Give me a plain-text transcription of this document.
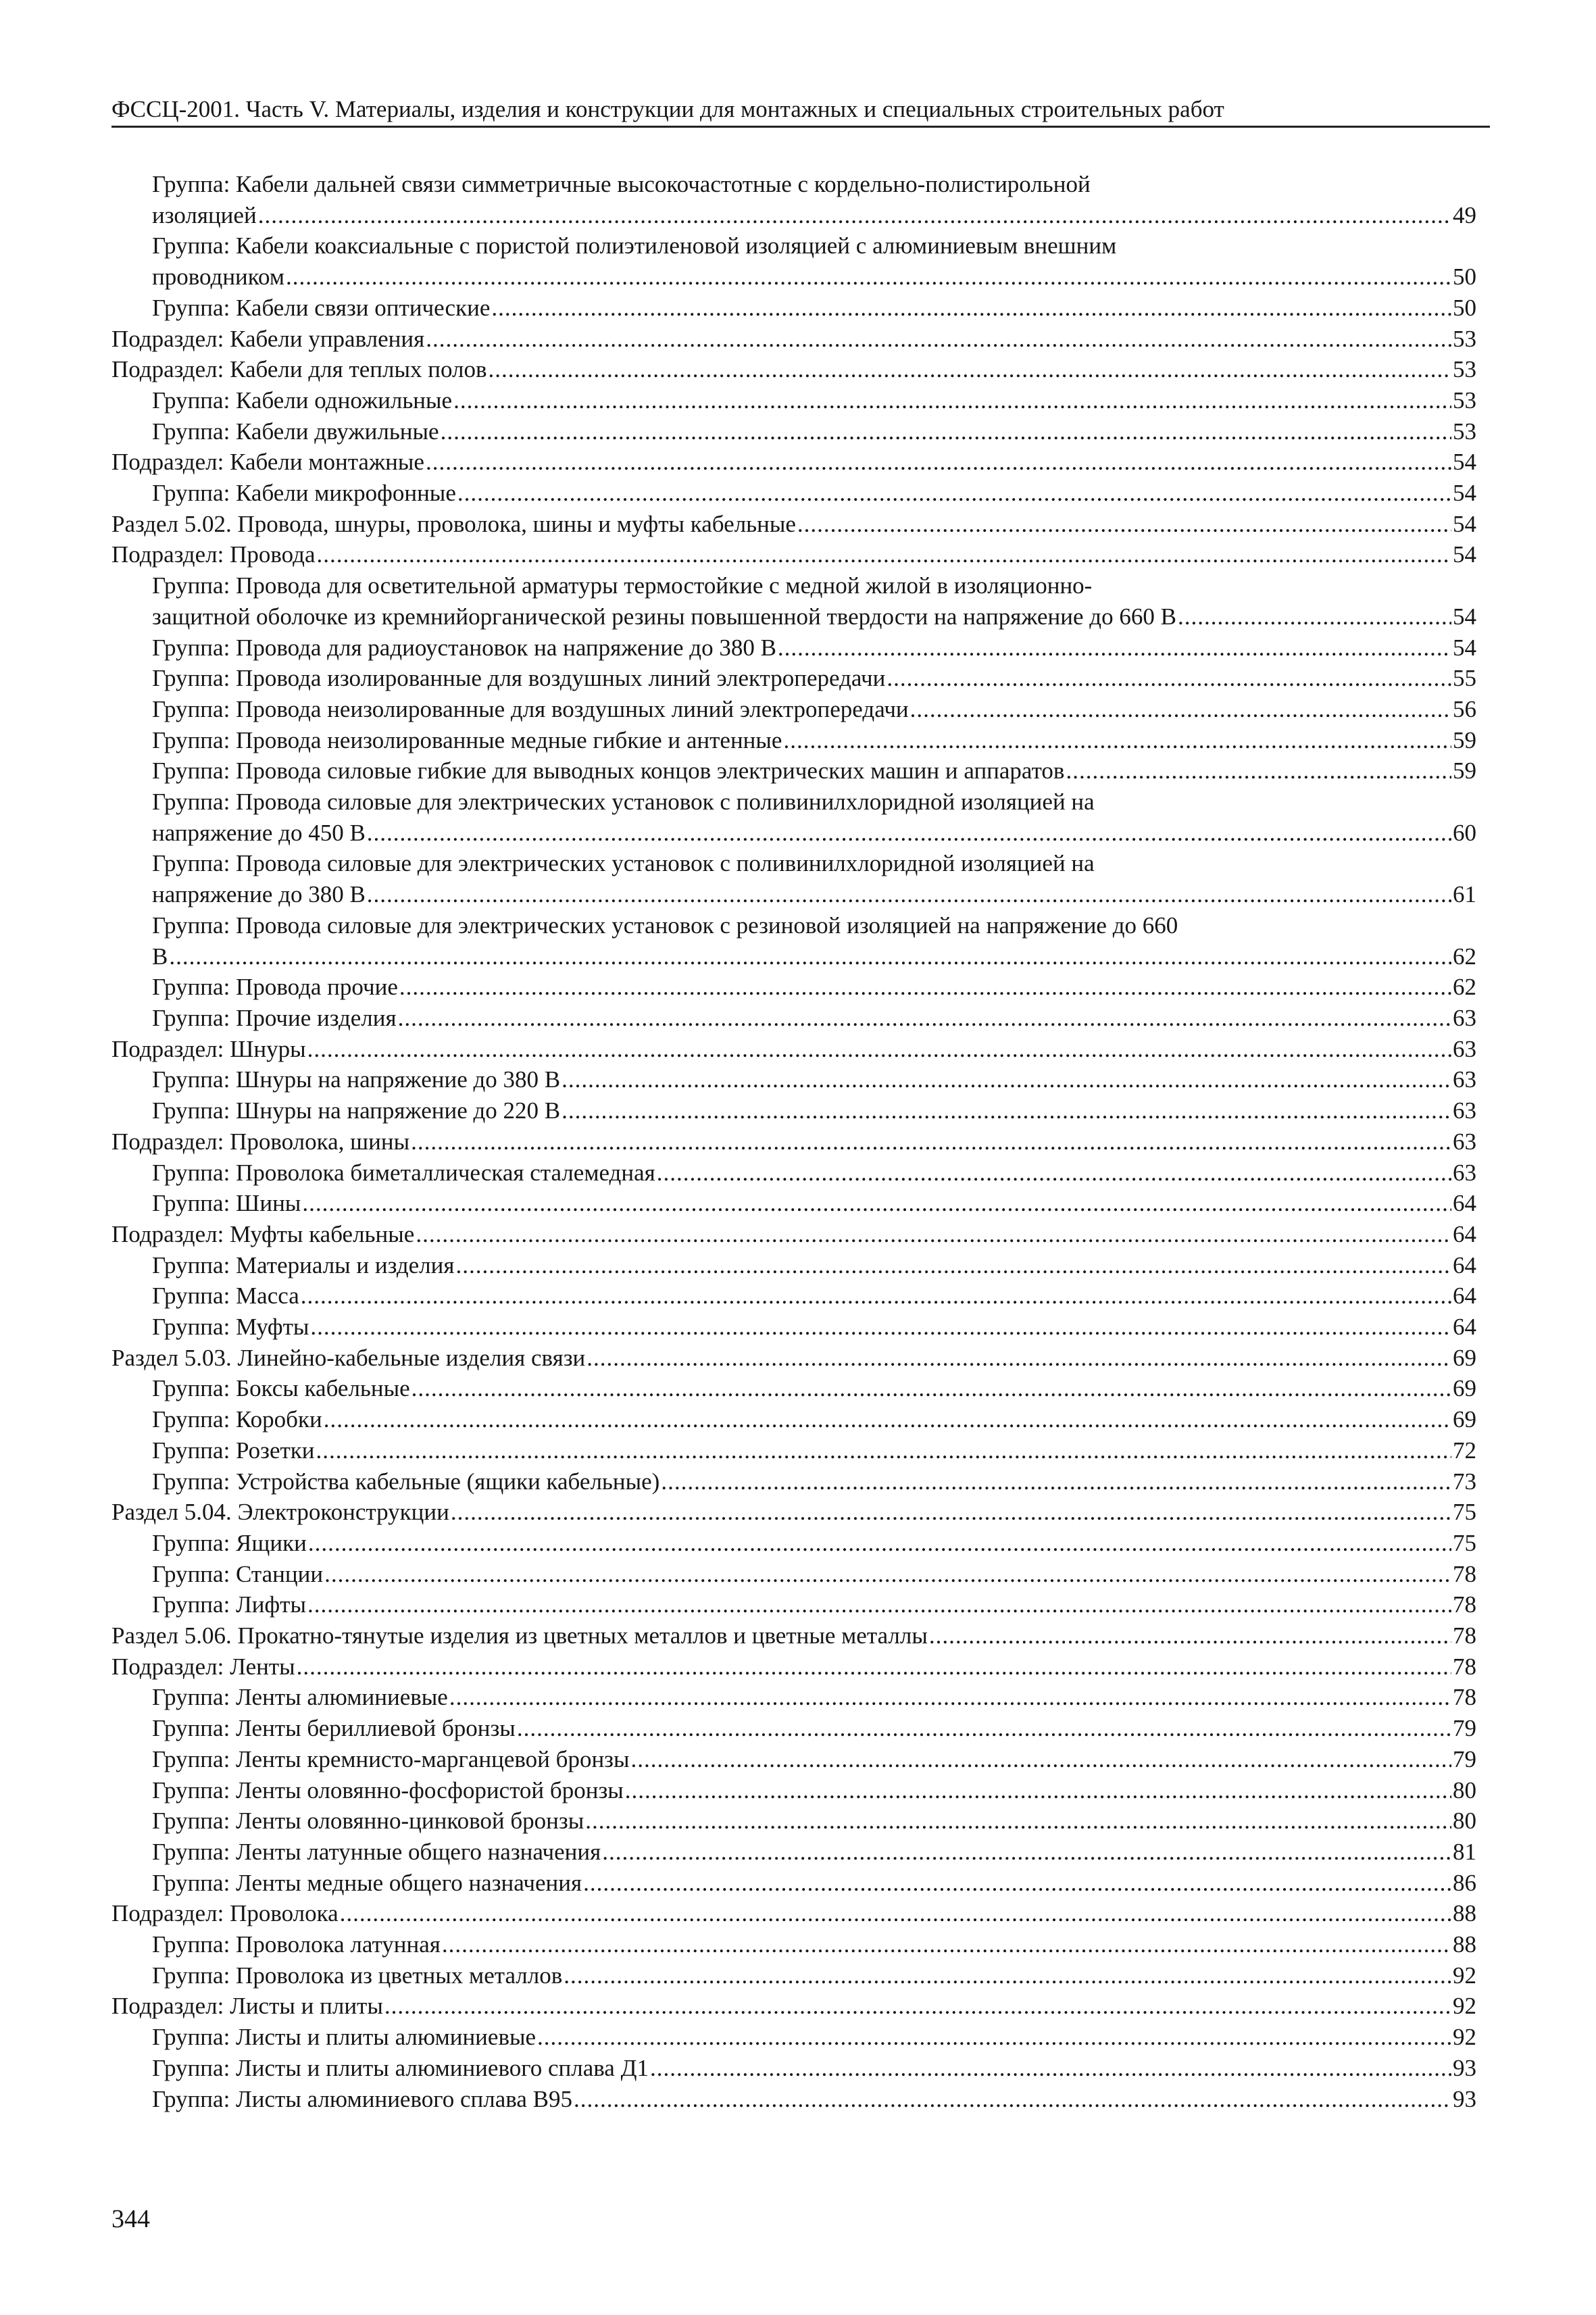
ФССЦ-2001. Часть V. Материалы, изделия и конструкции для монтажных и специальных строительных работ
Группа: Кабели дальней связи симметричные высокочастотные с кордельно-полистирольной
изоляцией .....	49
Группа: Кабели коаксиальные с пористой полиэтиленовой изоляцией с алюминиевым внешним
проводником .....	50
Группа: Кабели связи оптические .....	50
Подраздел: Кабели управления .....	53
Подраздел: Кабели для теплых полов .....	53
Группа: Кабели одножильные .....	53
Группа: Кабели двужильные .....	53
Подраздел: Кабели монтажные .....	54
Группа: Кабели микрофонные .....	54
Раздел 5.02. Провода, шнуры, проволока, шины и муфты кабельные .....	54
Подраздел: Провода .....	54
Группа: Провода для осветительной арматуры термостойкие с медной жилой в изоляционно-
защитной оболочке из кремнийорганической резины повышенной твердости на напряжение до 660 В .....	54
Группа: Провода для радиоустановок на напряжение до 380 В .....	54
Группа: Провода изолированные для воздушных линий электропередачи .....	55
Группа: Провода неизолированные для воздушных линий электропередачи .....	56
Группа: Провода неизолированные медные гибкие и антенные .....	59
Группа: Провода силовые гибкие для выводных концов электрических машин и аппаратов .....	59
Группа: Провода силовые для электрических установок с поливинилхлоридной изоляцией на
напряжение до 450 В .....	60
Группа: Провода силовые для электрических установок с поливинилхлоридной изоляцией на
напряжение до 380 В .....	61
Группа: Провода силовые для электрических установок с резиновой изоляцией на напряжение до 660
В .....	62
Группа: Провода прочие .....	62
Группа: Прочие изделия .....	63
Подраздел: Шнуры .....	63
Группа: Шнуры на напряжение до 380 В .....	63
Группа: Шнуры на напряжение до 220 В .....	63
Подраздел: Проволока, шины .....	63
Группа: Проволока биметаллическая сталемедная .....	63
Группа: Шины .....	64
Подраздел: Муфты кабельные .....	64
Группа: Материалы и изделия .....	64
Группа: Масса .....	64
Группа: Муфты .....	64
Раздел 5.03. Линейно-кабельные изделия связи .....	69
Группа: Боксы кабельные .....	69
Группа: Коробки .....	69
Группа: Розетки .....	72
Группа: Устройства кабельные (ящики кабельные) .....	73
Раздел 5.04. Электроконструкции .....	75
Группа: Ящики .....	75
Группа: Станции .....	78
Группа: Лифты .....	78
Раздел 5.06. Прокатно-тянутые изделия из цветных металлов и цветные металлы .....	78
Подраздел: Ленты .....	78
Группа: Ленты алюминиевые .....	78
Группа: Ленты бериллиевой бронзы .....	79
Группа: Ленты кремнисто-марганцевой бронзы .....	79
Группа: Ленты оловянно-фосфористой бронзы .....	80
Группа: Ленты оловянно-цинковой бронзы .....	80
Группа: Ленты латунные общего назначения .....	81
Группа: Ленты медные общего назначения .....	86
Подраздел: Проволока .....	88
Группа: Проволока латунная .....	88
Группа: Проволока из цветных металлов .....	92
Подраздел: Листы и плиты .....	92
Группа: Листы и плиты алюминиевые .....	92
Группа: Листы и плиты алюминиевого сплава Д1 .....	93
Группа: Листы алюминиевого сплава В95 .....	93
344
